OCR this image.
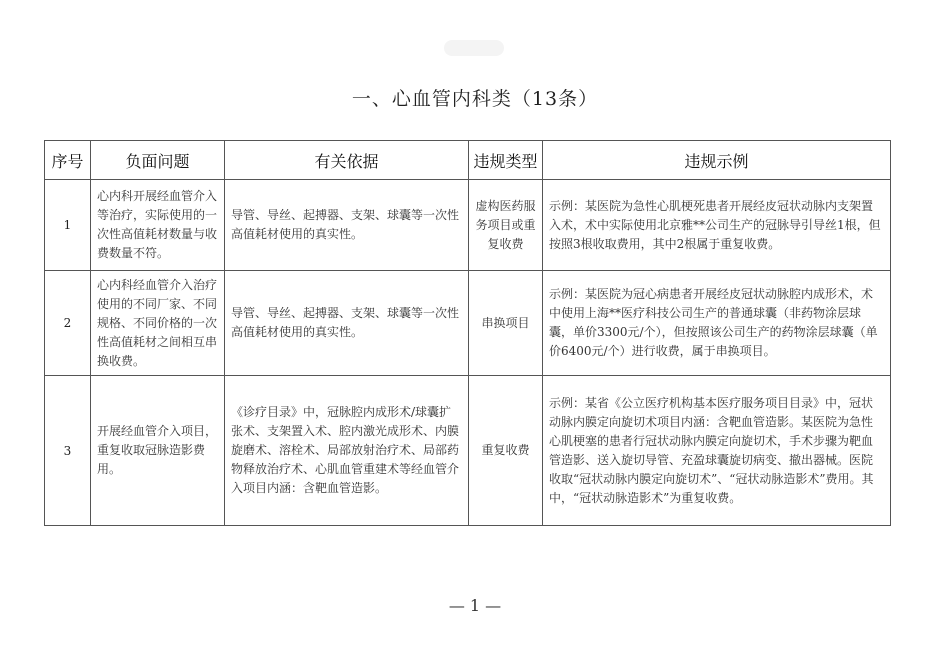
一、心血管内科类（13条）
序号	负面问题	有关依据	违规类型	违规示例
1	心内科开展经血管介入等治疗，实际使用的一次性高值耗材数量与收费数量不符。	导管、导丝、起搏器、支架、球囊等一次性高值耗材使用的真实性。	虚构医药服务项目或重复收费	示例：某医院为急性心肌梗死患者开展经皮冠状动脉内支架置入术，术中实际使用北京雅**公司生产的冠脉导引导丝1根，但按照3根收取费用，其中2根属于重复收费。
2	心内科经血管介入治疗使用的不同厂家、不同规格、不同价格的一次性高值耗材之间相互串换收费。	导管、导丝、起搏器、支架、球囊等一次性高值耗材使用的真实性。	串换项目	示例：某医院为冠心病患者开展经皮冠状动脉腔内成形术，术中使用上海**医疗科技公司生产的普通球囊（非药物涂层球囊，单价3300元/个），但按照该公司生产的药物涂层球囊（单价6400元/个）进行收费，属于串换项目。
3	开展经血管介入项目，重复收取冠脉造影费用。	《诊疗目录》中，冠脉腔内成形术/球囊扩张术、支架置入术、腔内激光成形术、内膜旋磨术、溶栓术、局部放射治疗术、局部药物释放治疗术、心肌血管重建术等经血管介入项目内涵：含靶血管造影。	重复收费	示例：某省《公立医疗机构基本医疗服务项目目录》中，冠状动脉内膜定向旋切术项目内涵：含靶血管造影。某医院为急性心肌梗塞的患者行冠状动脉内膜定向旋切术，手术步骤为靶血管造影、送入旋切导管、充盈球囊旋切病变、撤出器械。医院收取“冠状动脉内膜定向旋切术”、“冠状动脉造影术”费用。其中，“冠状动脉造影术”为重复收费。
— 1 —
